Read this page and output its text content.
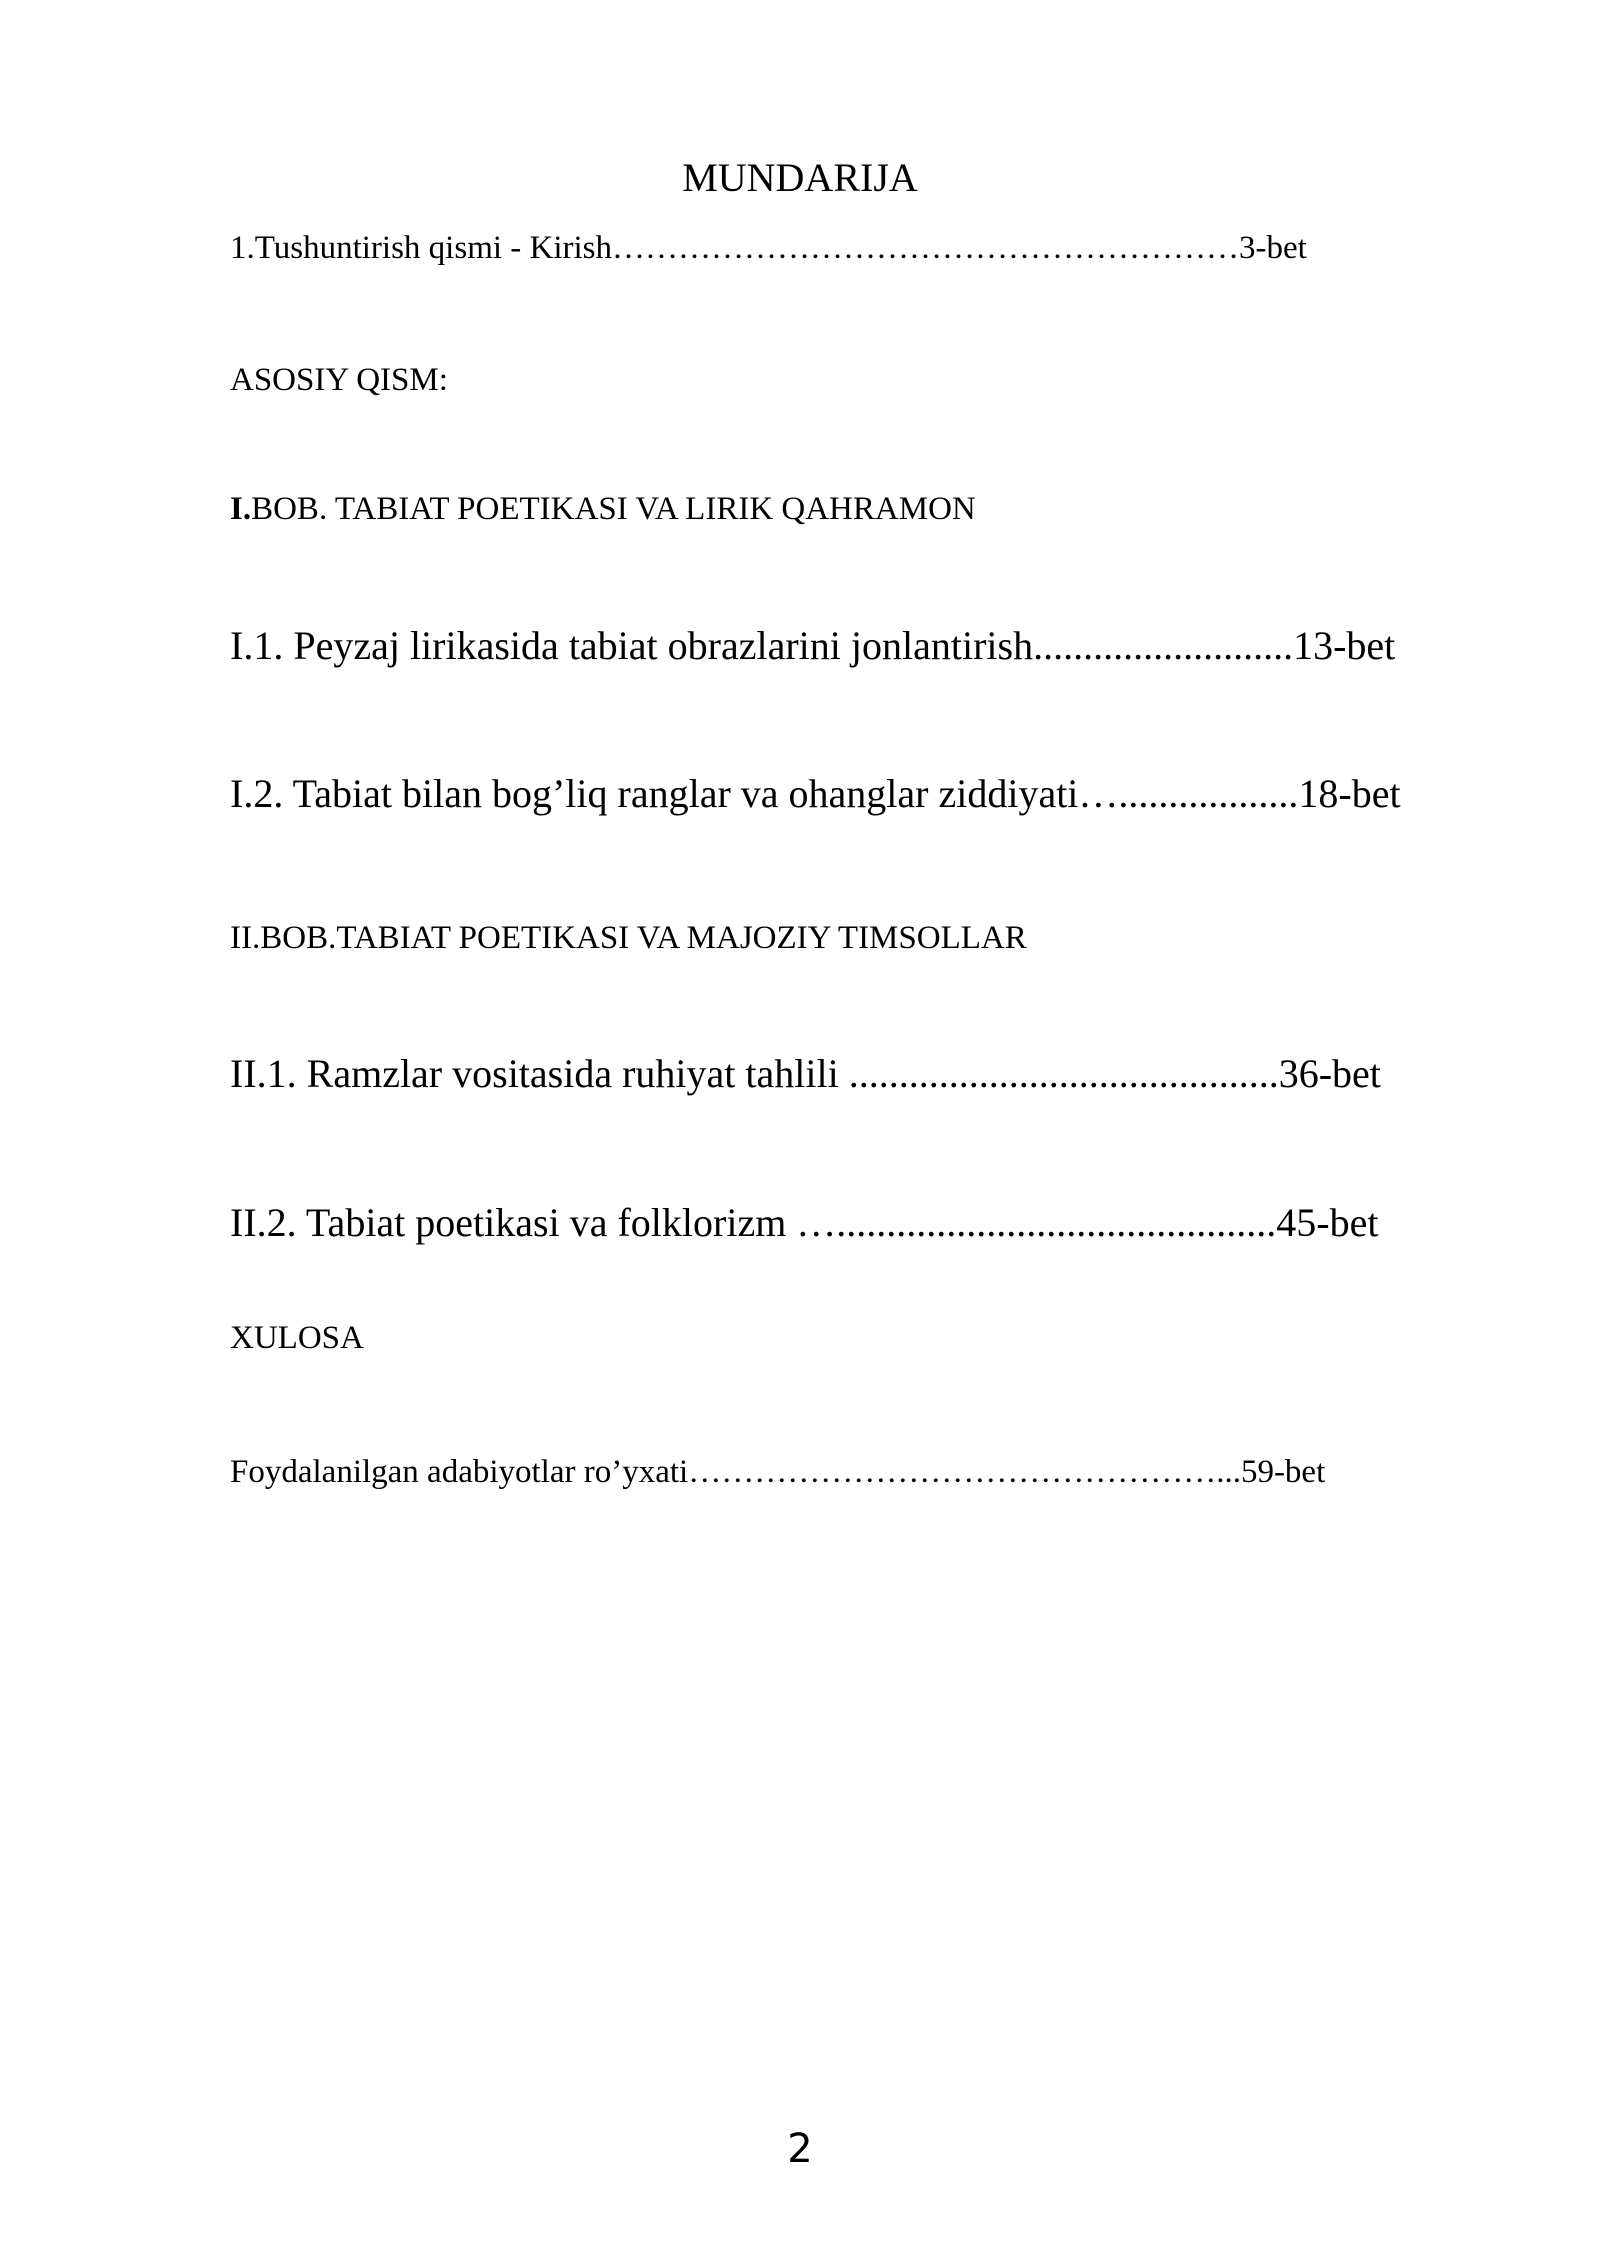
MUNDARIJA
1.Tushuntirish qismi - Kirish…………………………………………………3-bet
ASOSIY QISM:
I.BOB. TABIAT POETIKASI VA LIRIK QAHRAMON
I.1. Peyzaj lirikasida tabiat obrazlarini jonlantirish..........................13-bet
I.2. Tabiat bilan bog’liq ranglar va ohanglar ziddiyati…..................18-bet
II.BOB.TABIAT POETIKASI VA MAJOZIY TIMSOLLAR
II.1. Ramzlar vositasida ruhiyat tahlili ...........................................36-bet
II.2. Tabiat poetikasi va folklorizm …............................................45-bet
XULOSA
Foydalanilgan adabiyotlar ro’yxati…………………………………………...59-bet
2
